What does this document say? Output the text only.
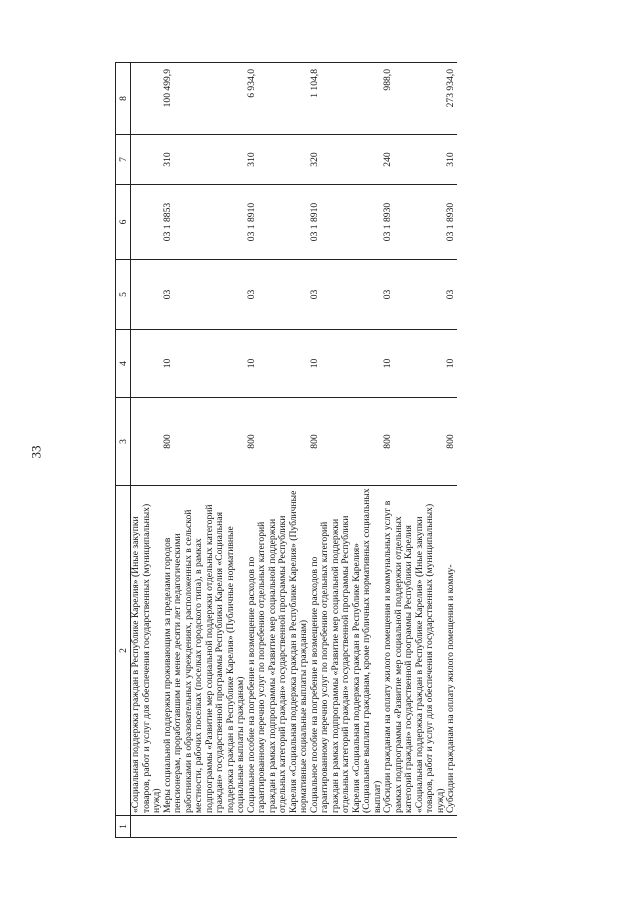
33
1	2	3	4	5	6	7	8
	«Социальная поддержка граждан в Республике Карелия» (Иные закупки товаров, работ и услуг для обеспечения государственных (муниципальных) нужд)						
	Меры социальной поддержки проживающим за пределами городов пенсионерам, проработавшим не менее десяти лет педагогическими работниками в образовательных учреждениях, расположенных в сельской местности, рабочих поселках (поселках городского типа), в рамках подпрограммы «Развитие мер социальной поддержки отдельных категорий граждан» государственной программы Республики Карелия «Социальная поддержка граждан в Республике Карелия» (Публичные нормативные социальные выплаты гражданам)	800	10	03	03 1 8853	310	100 499,9
	Социальное пособие на погребение и возмещение расходов по гарантированному перечню услуг по погребению отдельных категорий граждан в рамках подпрограммы «Развитие мер социальной поддержки отдельных категорий граждан» государственной программы Республики Карелия «Социальная поддержка граждан в Республике Карелия» (Публичные нормативные социальные выплаты гражданам)	800	10	03	03 1 8910	310	6 934,0
	Социальное пособие на погребение и возмещение расходов по гарантированному перечню услуг по погребению отдельных категорий граждан в рамках подпрограммы «Развитие мер социальной поддержки отдельных категорий граждан» государственной программы Республики Карелия «Социальная поддержка граждан в Республике Карелия» (Социальные выплаты гражданам, кроме публичных нормативных социальных выплат)	800	10	03	03 1 8910	320	1 104,8
	Субсидии гражданам на оплату жилого помещения и коммунальных услуг в рамках подпрограммы «Развитие мер социальной поддержки отдельных категорий граждан» государственной программы Республики Карелия «Социальная поддержка граждан в Республике Карелия» (Иные закупки товаров, работ и услуг для обеспечения государственных (муниципальных) нужд)	800	10	03	03 1 8930	240	988,0
	Субсидии гражданам на оплату жилого помещения и комму-	800	10	03	03 1 8930	310	273 934,0
